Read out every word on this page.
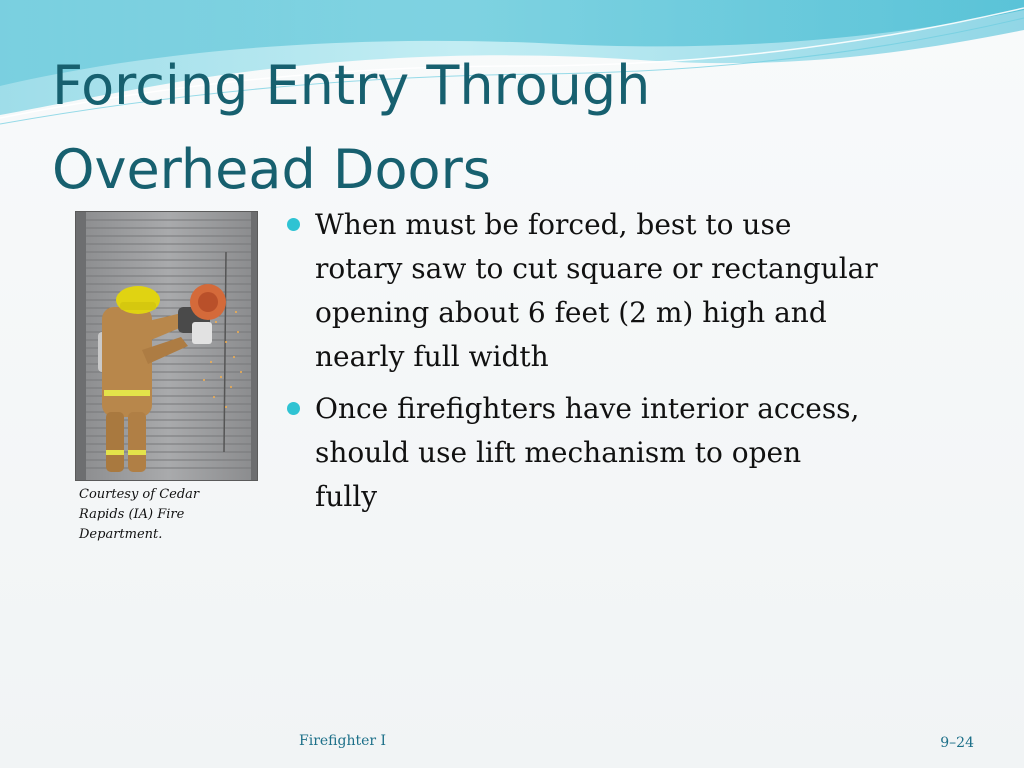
Forcing Entry Through
Overhead Doors
Courtesy of Cedar
Rapids (IA) Fire
Department.
When must be forced, best to use
rotary saw to cut square or rectangular
opening about 6 feet (2 m) high and
nearly full width
Once firefighters have interior access,
should use lift mechanism to open
fully
Firefighter I	9–24
